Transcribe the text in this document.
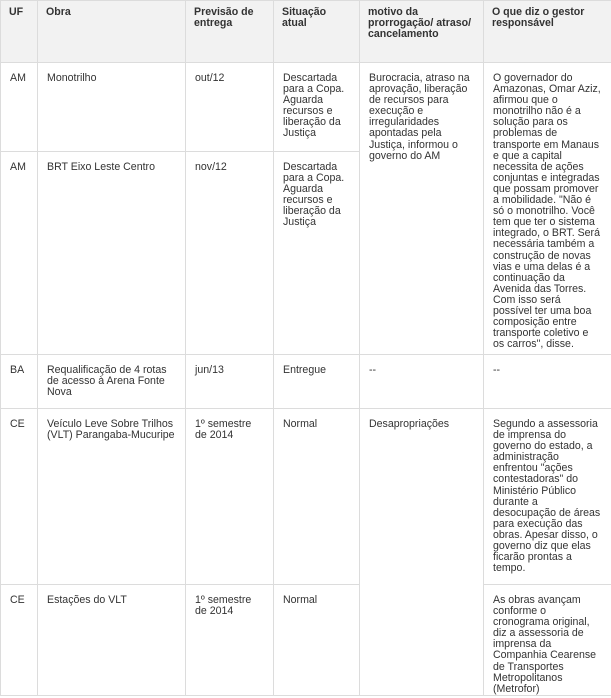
UF	Obra	Previsão de entrega	Situação atual	motivo da prorrogação/ atraso/ cancelamento	O que diz o gestor responsável
AM	Monotrilho	out/12	Descartada para a Copa. Aguarda recursos e liberação da Justiça	Burocracia, atraso na aprovação, liberação de recursos para execução e irregularidades apontadas pela Justiça, informou o governo do AM	O governador do Amazonas, Omar Aziz, afirmou que o monotrilho não é a solução para os problemas de transporte em Manaus e que a capital necessita de ações conjuntas e integradas que possam promover a mobilidade. "Não é só o monotrilho. Você tem que ter o sistema integrado, o BRT. Será necessária também a construção de novas vias e uma delas é a continuação da Avenida das Torres. Com isso será possível ter uma boa composição entre transporte coletivo e os carros", disse.
AM	BRT Eixo Leste Centro	nov/12	Descartada para a Copa. Aguarda recursos e liberação da Justiça		
BA	Requalificação de 4 rotas de acesso à Arena Fonte Nova	jun/13	Entregue	--	--
CE	Veículo Leve Sobre Trilhos (VLT) Parangaba-Mucuripe	1º semestre de 2014	Normal	Desapropriações	Segundo a assessoria de imprensa do governo do estado, a administração enfrentou "ações contestadoras" do Ministério Público durante a desocupação de áreas para execução das obras. Apesar disso, o governo diz que elas ficarão prontas a tempo.
CE	Estações do VLT	1º semestre de 2014	Normal		As obras avançam conforme o cronograma original, diz a assessoria de imprensa da Companhia Cearense de Transportes Metropolitanos (Metrofor)
